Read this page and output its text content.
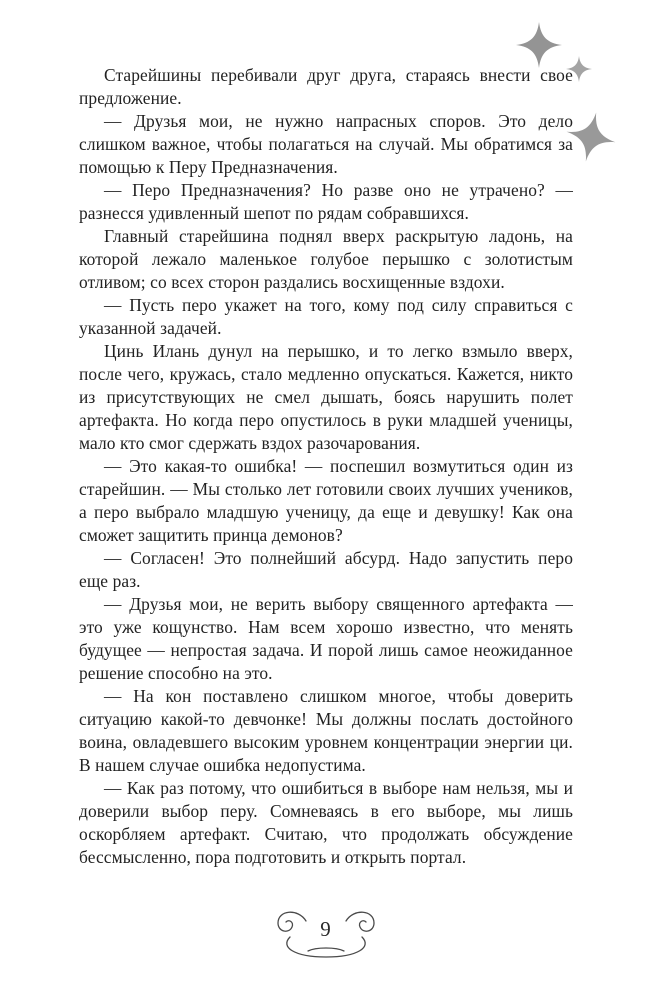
Старейшины перебивали друг друга, стараясь внести свое предложение.

— Друзья мои, не нужно напрасных споров. Это дело слишком важное, чтобы полагаться на случай. Мы обратимся за помощью к Перу Предназначения.

— Перо Предназначения? Но разве оно не утрачено? — разнесся удивленный шепот по рядам собравшихся.

Главный старейшина поднял вверх раскрытую ладонь, на которой лежало маленькое голубое перышко с золотистым отливом; со всех сторон раздались восхищенные вздохи.

— Пусть перо укажет на того, кому под силу справиться с указанной задачей.

Цинь Илань дунул на перышко, и то легко взмыло вверх, после чего, кружась, стало медленно опускаться. Кажется, никто из присутствующих не смел дышать, боясь нарушить полет артефакта. Но когда перо опустилось в руки младшей ученицы, мало кто смог сдержать вздох разочарования.

— Это какая-то ошибка! — поспешил возмутиться один из старейшин. — Мы столько лет готовили своих лучших учеников, а перо выбрало младшую ученицу, да еще и девушку! Как она сможет защитить принца демонов?

— Согласен! Это полнейший абсурд. Надо запустить перо еще раз.

— Друзья мои, не верить выбору священного артефакта — это уже кощунство. Нам всем хорошо известно, что менять будущее — непростая задача. И порой лишь самое неожиданное решение способно на это.

— На кон поставлено слишком многое, чтобы доверить ситуацию какой-то девчонке! Мы должны послать достойного воина, овладевшего высоким уровнем концентрации энергии ци. В нашем случае ошибка недопустима.

— Как раз потому, что ошибиться в выборе нам нельзя, мы и доверили выбор перу. Сомневаясь в его выборе, мы лишь оскорбляем артефакт. Считаю, что продолжать обсуждение бессмысленно, пора подготовить и открыть портал.

9
